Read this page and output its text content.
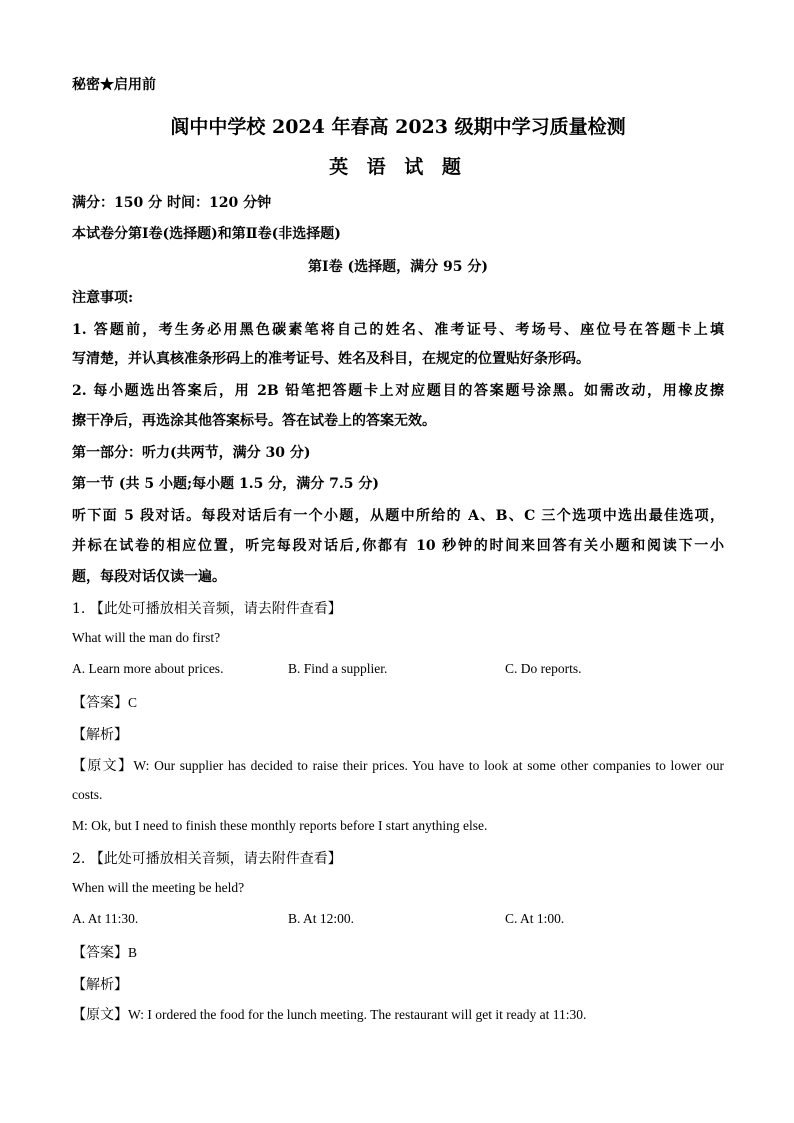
秘密★启用前
阆中中学校 2024 年春高 2023 级期中学习质量检测
英 语 试 题
满分：150 分 时间：120 分钟
本试卷分第Ⅰ卷(选择题)和第Ⅱ卷(非选择题)
第Ⅰ卷 (选择题，满分 95 分)
注意事项:
1. 答题前，考生务必用黑色碳素笔将自己的姓名、准考证号、考场号、座位号在答题卡上填
写清楚，并认真核准条形码上的准考证号、姓名及科目，在规定的位置贴好条形码。
2. 每小题选出答案后，用 2B 铅笔把答题卡上对应题目的答案题号涂黑。如需改动，用橡皮擦
擦干净后，再选涂其他答案标号。答在试卷上的答案无效。
第一部分：听力(共两节，满分 30 分)
第一节 (共 5 小题;每小题 1.5 分，满分 7.5 分)
听下面 5 段对话。每段对话后有一个小题，从题中所给的 A、B、C 三个选项中选出最佳选项，
并标在试卷的相应位置，听完每段对话后,你都有 10 秒钟的时间来回答有关小题和阅读下一小
题，每段对话仅读一遍。
1. 【此处可播放相关音频，请去附件查看】
What will the man do first?
A. Learn more about prices.	B. Find a supplier.	C. Do reports.
【答案】C
【解析】
【原文】W: Our supplier has decided to raise their prices. You have to look at some other companies to lower our
costs.
M: Ok, but I need to finish these monthly reports before I start anything else.
2. 【此处可播放相关音频，请去附件查看】
When will the meeting be held?
A. At 11:30.	B. At 12:00.	C. At 1:00.
【答案】B
【解析】
【原文】W: I ordered the food for the lunch meeting. The restaurant will get it ready at 11:30.
